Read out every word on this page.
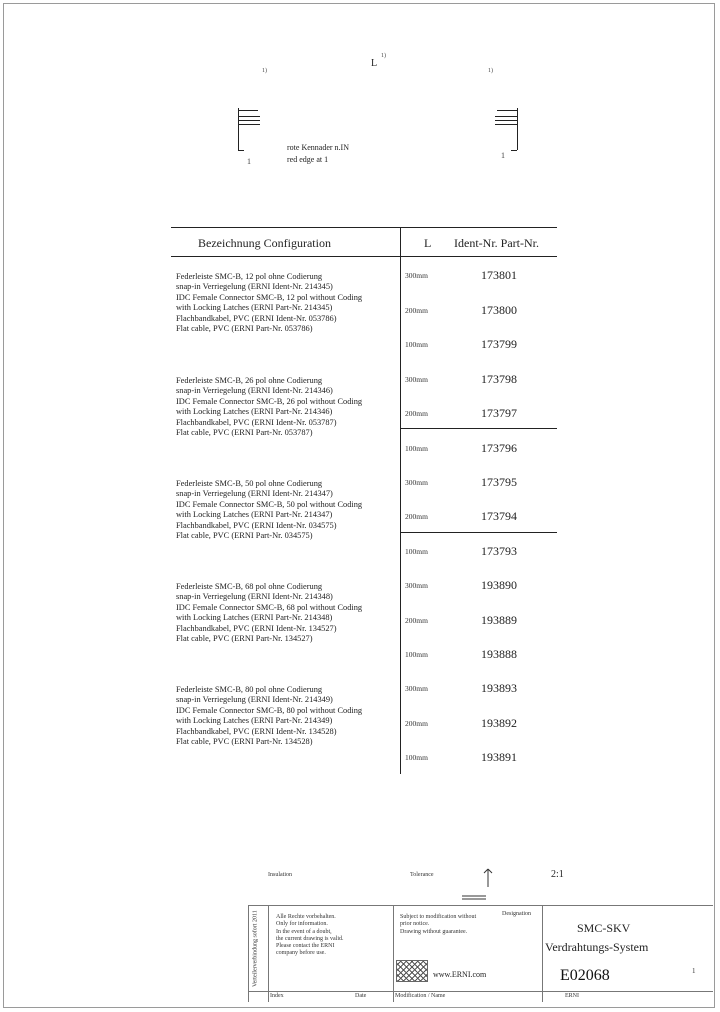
L
1)
1)	1)
rote Kennader n.IN
red edge at 1
1
1
Bezeichnung Configuration	L Ident-Nr. Part-Nr.
Federleiste SMC-B, 12 pol ohne Codierung
snap-in Verriegelung (ERNI Ident-Nr. 214345)
IDC Female Connector SMC-B, 12 pol without Coding
with Locking Latches (ERNI Part-Nr. 214345)
Flachbandkabel, PVC (ERNI Ident-Nr. 053786)
Flat cable, PVC (ERNI Part-Nr. 053786)
300mm	173801
200mm	173800
100mm	173799
Federleiste SMC-B, 26 pol ohne Codierung
snap-in Verriegelung (ERNI Ident-Nr. 214346)
IDC Female Connector SMC-B, 26 pol without Coding
with Locking Latches (ERNI Part-Nr. 214346)
Flachbandkabel, PVC (ERNI Ident-Nr. 053787)
Flat cable, PVC (ERNI Part-Nr. 053787)
300mm	173798
200mm	173797
100mm	173796
Federleiste SMC-B, 50 pol ohne Codierung
snap-in Verriegelung (ERNI Ident-Nr. 214347)
IDC Female Connector SMC-B, 50 pol without Coding
with Locking Latches (ERNI Part-Nr. 214347)
Flachbandkabel, PVC (ERNI Ident-Nr. 034575)
Flat cable, PVC (ERNI Part-Nr. 034575)
300mm	173795
200mm	173794
100mm	173793
Federleiste SMC-B, 68 pol ohne Codierung
snap-in Verriegelung (ERNI Ident-Nr. 214348)
IDC Female Connector SMC-B, 68 pol without Coding
with Locking Latches (ERNI Part-Nr. 214348)
Flachbandkabel, PVC (ERNI Ident-Nr. 134527)
Flat cable, PVC (ERNI Part-Nr. 134527)
300mm	193890
200mm	193889
100mm	193888
Federleiste SMC-B, 80 pol ohne Codierung
snap-in Verriegelung (ERNI Ident-Nr. 214349)
IDC Female Connector SMC-B, 80 pol without Coding
with Locking Latches (ERNI Part-Nr. 214349)
Flachbandkabel, PVC (ERNI Ident-Nr. 134528)
Flat cable, PVC (ERNI Part-Nr. 134528)
300mm	193893
200mm	193892
100mm	193891
Insulation	Tolerance	2:1
Verteilerverbindung sofort 2011	Alle Rechte vorbehalten.
Only for information.
In the event of a doubt,
the current drawing is valid.
Please contact the ERNI
company before use.
Subject to modification without
prior notice.
Drawing without guarantee.
Designation
www.ERNI.com
SMC-SKV
Verdrahtungs-System
E02068	1
Index	Date	Modification / Name	ERNI
